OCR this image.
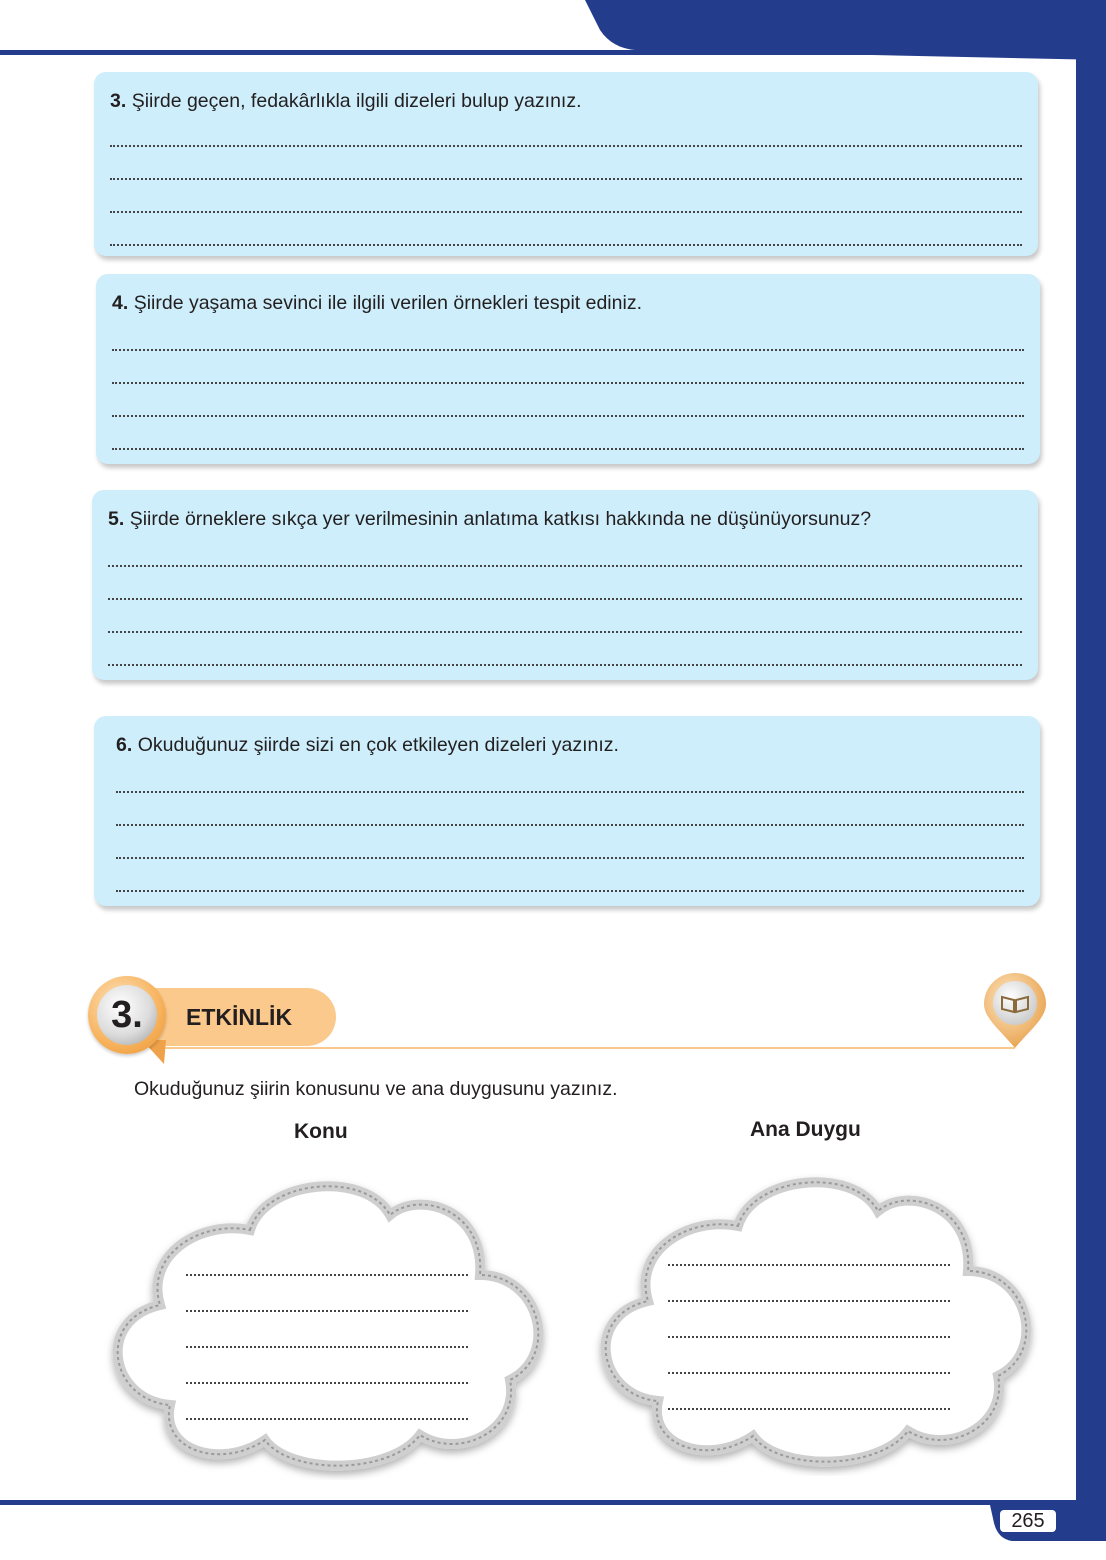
265
3. Şiirde geçen, fedakârlıkla ilgili dizeleri bulup yazınız.
4. Şiirde yaşama sevinci ile ilgili verilen örnekleri tespit ediniz.
5. Şiirde örneklere sıkça yer verilmesinin anlatıma katkısı hakkında ne düşünüyorsunuz?
6. Okuduğunuz şiirde sizi en çok etkileyen dizeleri yazınız.
ETKİNLİK
3.
Okuduğunuz şiirin konusunu ve ana duygusunu yazınız.
Konu	Ana Duygu
